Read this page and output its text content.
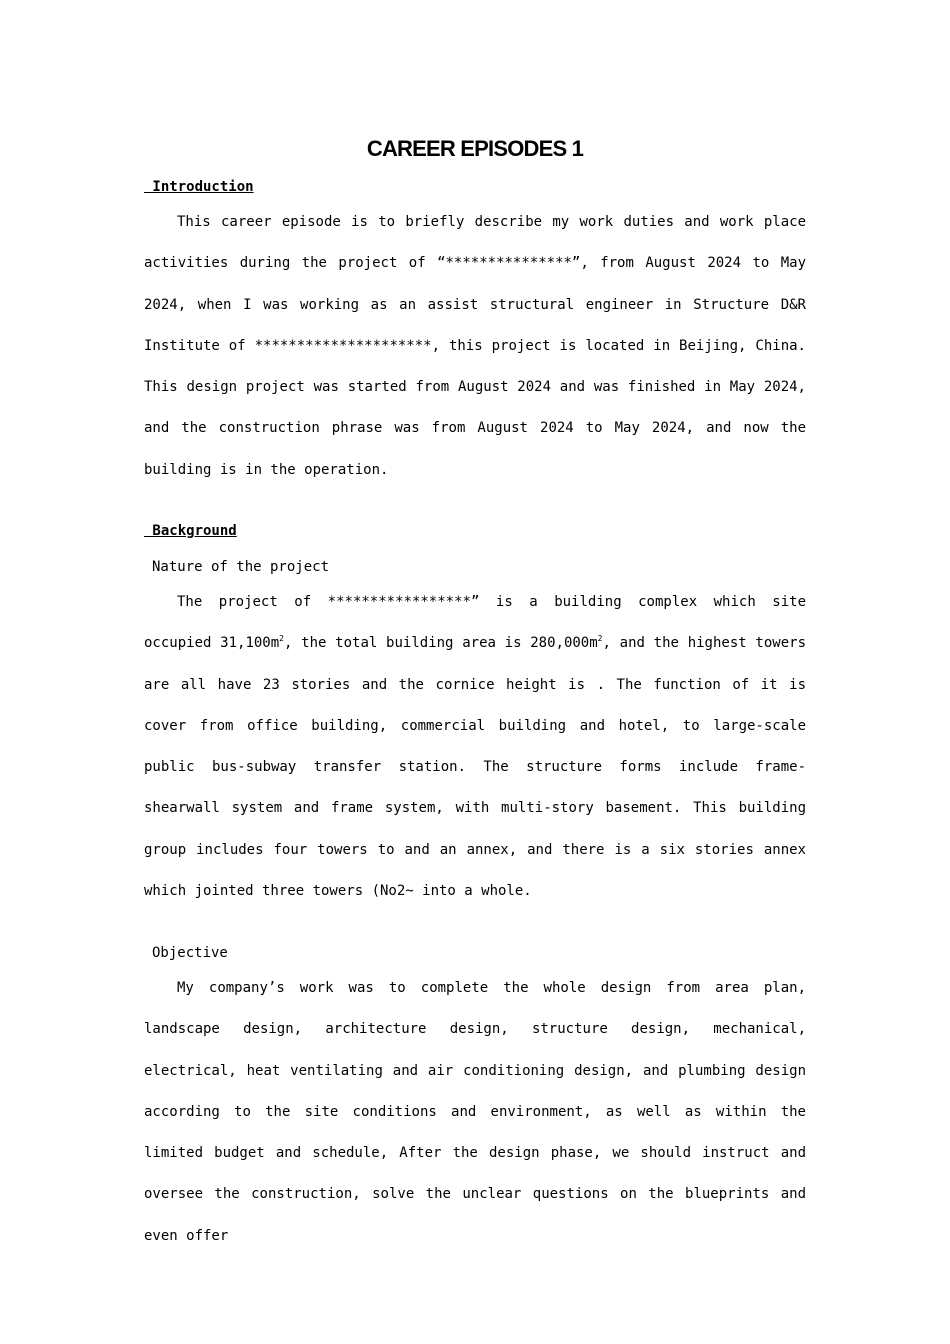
CAREER EPISODES 1

Introduction

This career episode is to briefly describe my work duties and work place activities during the project of “***************”, from August 2024 to May 2024, when I was working as an assist structural engineer in Structure D&R Institute of *********************, this project is located in Beijing, China. This design project was started from August 2024 and was finished in May 2024, and the construction phrase was from August 2024 to May 2024, and now the building is in the operation.

Background

Nature of the project

The project of *****************” is a building complex which site occupied $31,100m^2$, the total building area is $280,000m^2$, and the highest towers are all have 23 stories and the cornice height is . The function of it is cover from office building, commercial building and hotel, to large-scale public bus-subway transfer station. The structure forms include frame-shearwall system and frame system, with multi-story basement. This building group includes four towers to and an annex, and there is a six stories annex which jointed three towers (No2~ into a whole.

Objective

My company’s work was to complete the whole design from area plan, landscape design, architecture design, structure design, mechanical, electrical, heat ventilating and air conditioning design, and plumbing design according to the site conditions and environment, as well as within the limited budget and schedule, After the design phase, we should instruct and oversee the construction, solve the unclear questions on the blueprints and even offer
